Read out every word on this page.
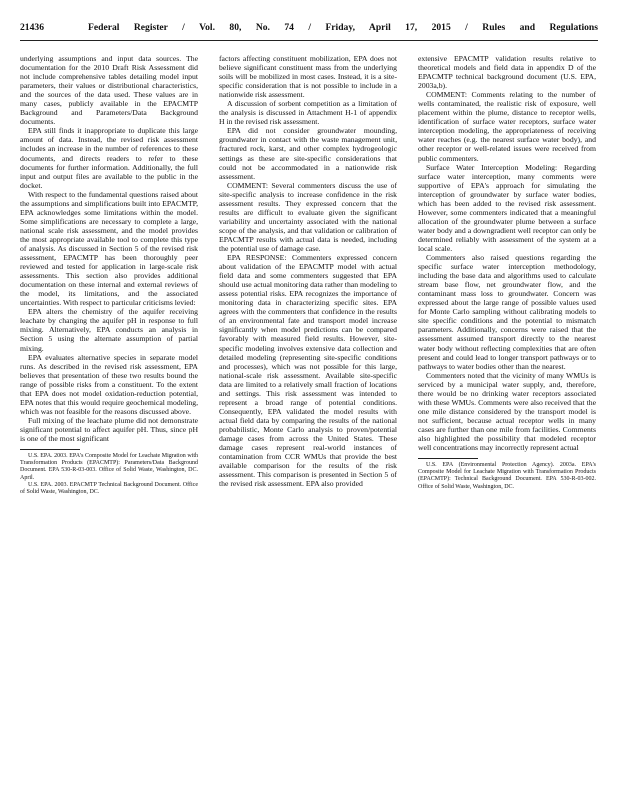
21436	Federal Register / Vol. 80, No. 74 / Friday, April 17, 2015 / Rules and Regulations

underlying assumptions and input data sources. The documentation for the 2010 Draft Risk Assessment did not include comprehensive tables detailing model input parameters, their values or distributional characteristics, and the sources of the data used. These values are in many cases, publicly available in the EPACMTP Background and Parameters/Data Background documents.

EPA still finds it inappropriate to duplicate this large amount of data. Instead, the revised risk assessment includes an increase in the number of references to these documents, and directs readers to refer to these documents for further information. Additionally, the full input and output files are available to the public in the docket.

With respect to the fundamental questions raised about the assumptions and simplifications built into EPACMTP, EPA acknowledges some limitations within the model. Some simplifications are necessary to complete a large, national scale risk assessment, and the model provides the most appropriate available tool to complete this type of analysis. As discussed in Section 5 of the revised risk assessment, EPACMTP has been thoroughly peer reviewed and tested for application in large-scale risk assessments. This section also provides additional documentation on these internal and external reviews of the model, its limitations, and the associated uncertainties. With respect to particular criticisms levied:

EPA alters the chemistry of the aquifer receiving leachate by changing the aquifer pH in response to full mixing. Alternatively, EPA conducts an analysis in Section 5 using the alternate assumption of partial mixing.

EPA evaluates alternative species in separate model runs. As described in the revised risk assessment, EPA believes that presentation of these two results bound the range of possible risks from a constituent. To the extent that EPA does not model oxidation-reduction potential, EPA notes that this would require geochemical modeling, which was not feasible for the reasons discussed above.

Full mixing of the leachate plume did not demonstrate significant potential to affect aquifer pH. Thus, since pH is one of the most significant

U.S. EPA. 2003. EPA's Composite Model for Leachate Migration with Transformation Products (EPACMTP): Parameters/Data Background Document. EPA 530-R-03-003. Office of Solid Waste, Washington, DC. April.

U.S. EPA. 2003. EPACMTP Technical Background Document. Office of Solid Waste, Washington, DC.

factors affecting constituent mobilization, EPA does not believe significant constituent mass from the underlying soils will be mobilized in most cases. Instead, it is a site-specific consideration that is not possible to include in a nationwide risk assessment.

A discussion of sorbent competition as a limitation of the analysis is discussed in Attachment H-1 of appendix H in the revised risk assessment.

EPA did not consider groundwater mounding, groundwater in contact with the waste management unit, fractured rock, karst, and other complex hydrogeologic settings as these are site-specific considerations that could not be accommodated in a nationwide risk assessment.

COMMENT: Several commenters discuss the use of site-specific analysis to increase confidence in the risk assessment results. They expressed concern that the results are difficult to evaluate given the significant variability and uncertainty associated with the national scope of the analysis, and that validation or calibration of EPACMTP results with actual data is needed, including the potential use of damage case.

EPA RESPONSE: Commenters expressed concern about validation of the EPACMTP model with actual field data and some commenters suggested that EPA should use actual monitoring data rather than modeling to assess potential risks. EPA recognizes the importance of monitoring data in characterizing specific sites. EPA agrees with the commenters that confidence in the results of an environmental fate and transport model increase significantly when model predictions can be compared favorably with measured field results. However, site-specific modeling involves extensive data collection and detailed modeling (representing site-specific conditions and processes), which was not possible for this large, national-scale risk assessment. Available site-specific data are limited to a relatively small fraction of locations and settings. This risk assessment was intended to represent a broad range of potential conditions. Consequently, EPA validated the model results with actual field data by comparing the results of the national probabilistic, Monte Carlo analysis to proven/potential damage cases from across the United States. These damage cases represent real-world instances of contamination from CCR WMUs that provide the best available comparison for the results of the risk assessment. This comparison is presented in Section 5 of the revised risk assessment. EPA also provided

extensive EPACMTP validation results relative to theoretical models and field data in appendix D of the EPACMTP technical background document (U.S. EPA, 2003a,b).

COMMENT: Comments relating to the number of wells contaminated, the realistic risk of exposure, well placement within the plume, distance to receptor wells, identification of surface water receptors, surface water interception modeling, the appropriateness of receiving water reaches (e.g. the nearest surface water body), and other receptor or well-related issues were received from public commenters.

Surface Water Interception Modeling: Regarding surface water interception, many comments were supportive of EPA's approach for simulating the interception of groundwater by surface water bodies, which has been added to the revised risk assessment. However, some commenters indicated that a meaningful allocation of the groundwater plume between a surface water body and a downgradient well receptor can only be determined reliably with assessment of the system at a local scale.

Commenters also raised questions regarding the specific surface water interception methodology, including the base data and algorithms used to calculate stream base flow, net groundwater flow, and the contaminant mass loss to groundwater. Concern was expressed about the large range of possible values used for Monte Carlo sampling without calibrating models to site specific conditions and the potential to mismatch parameters. Additionally, concerns were raised that the assessment assumed transport directly to the nearest water body without reflecting complexities that are often present and could lead to longer transport pathways or to pathways to water bodies other than the nearest.

Commenters noted that the vicinity of many WMUs is serviced by a municipal water supply, and, therefore, there would be no drinking water receptors associated with these WMUs. Comments were also received that the one mile distance considered by the transport model is not sufficient, because actual receptor wells in many cases are further than one mile from facilities. Comments also highlighted the possibility that modeled receptor well concentrations may incorrectly represent actual

U.S. EPA (Environmental Protection Agency). 2003a. EPA's Composite Model for Leachate Migration with Transformation Products (EPACMTP): Technical Background Document. EPA 530-R-03-002. Office of Solid Waste, Washington, DC.
